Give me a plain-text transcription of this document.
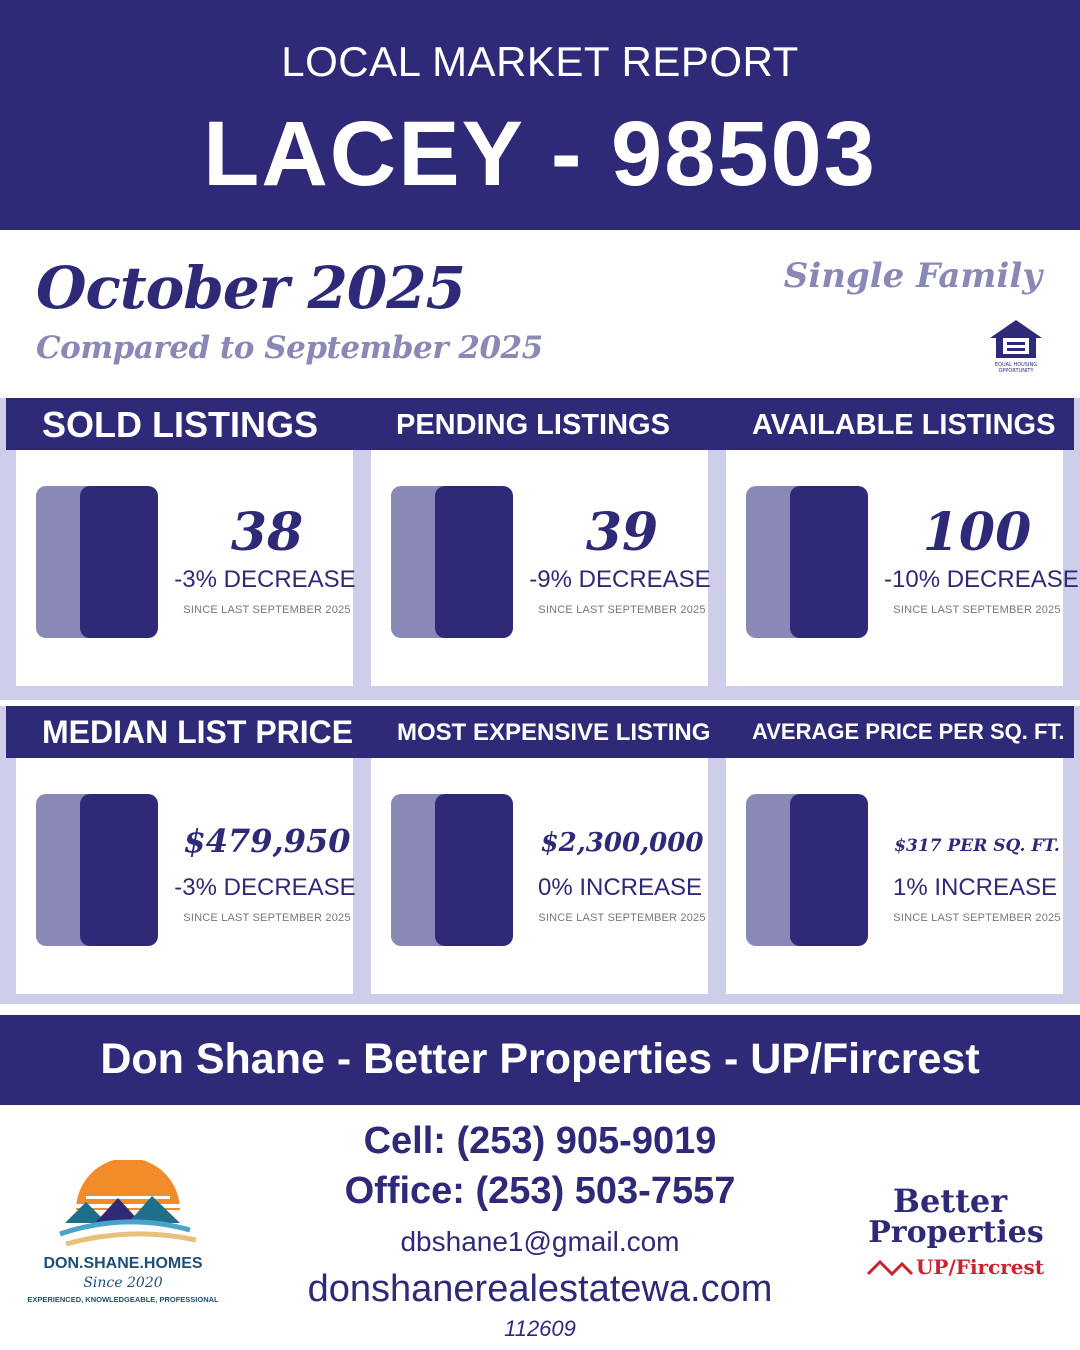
LOCAL MARKET REPORT
LACEY - 98503
October 2025
Compared to September 2025
Single Family
EQUAL HOUSING
OPPORTUNITY
SOLD LISTINGS	PENDING LISTINGS	AVAILABLE LISTINGS
38
-3% DECREASE
SINCE LAST SEPTEMBER 2025
39
-9% DECREASE
SINCE LAST SEPTEMBER 2025
100
-10% DECREASE
SINCE LAST SEPTEMBER 2025
MEDIAN LIST PRICE MOST EXPENSIVE LISTING AVERAGE PRICE PER SQ. FT.
$479,950
-3% DECREASE
SINCE LAST SEPTEMBER 2025
$2,300,000
0% INCREASE
SINCE LAST SEPTEMBER 2025
$317 PER SQ. FT.
1% INCREASE
SINCE LAST SEPTEMBER 2025
Don Shane - Better Properties - UP/Fircrest
Cell: (253) 905-9019
Office: (253) 503-7557
dbshane1@gmail.com
donshanerealestatewa.com
112609
DON.SHANE.HOMES
Since 2020
EXPERIENCED, KNOWLEDGEABLE, PROFESSIONAL
Better
Properties
UP/Fircrest
